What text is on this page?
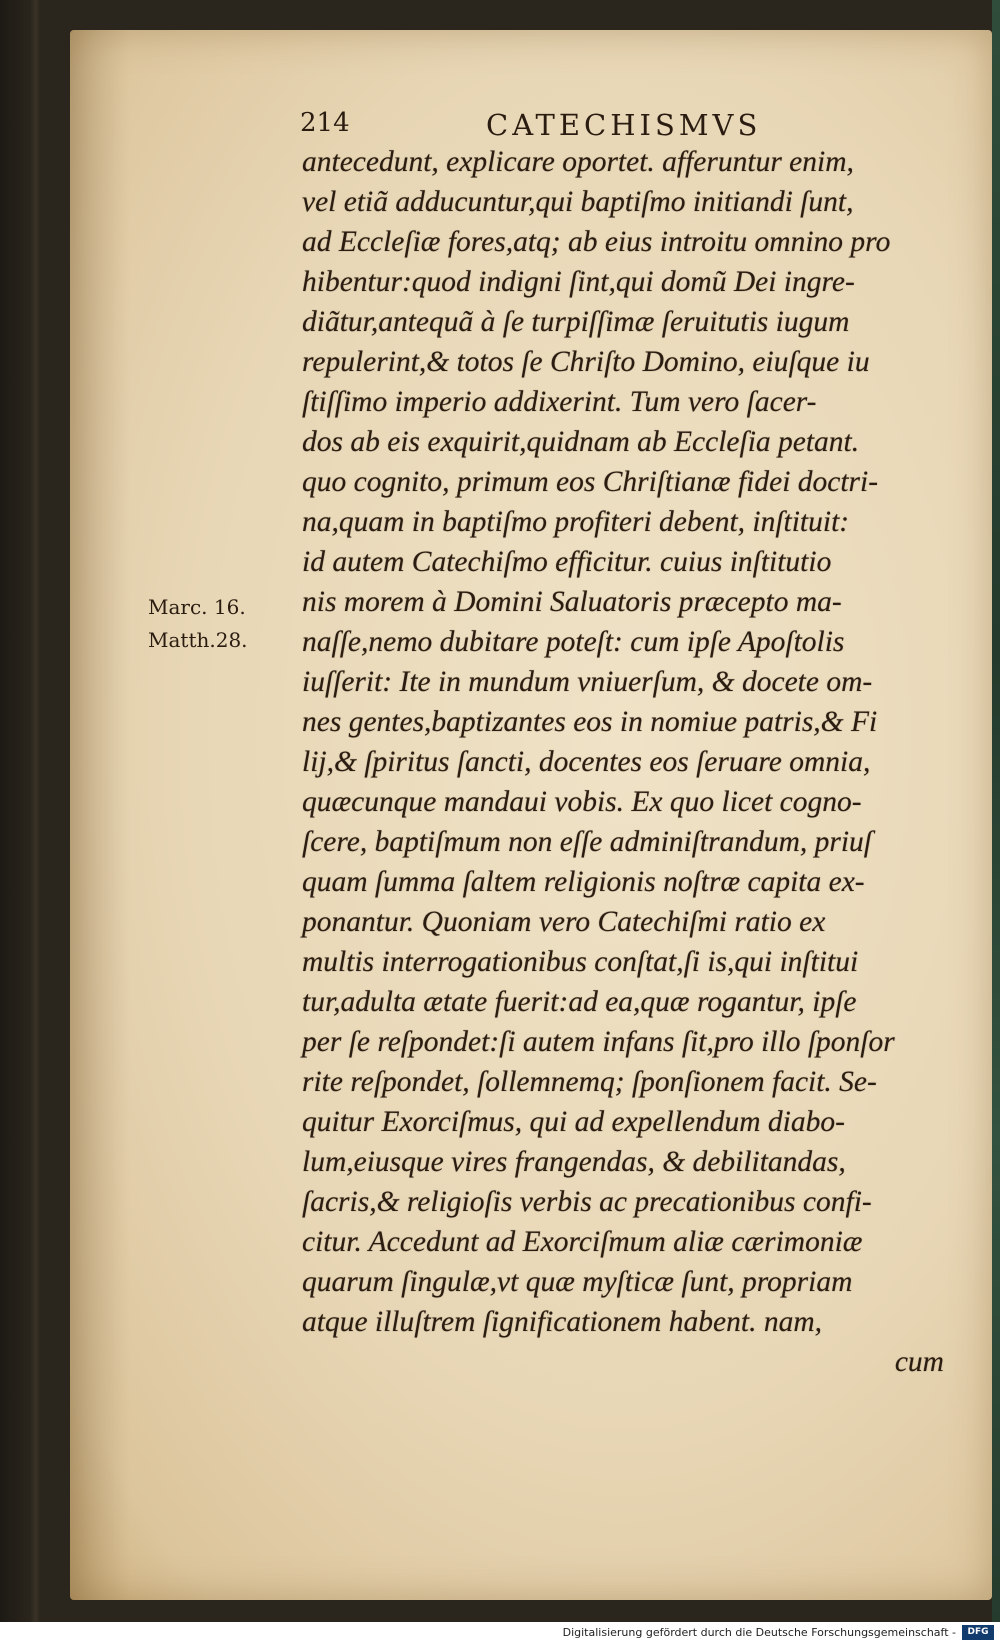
214	CATECHISMVS
Marc. 16.
Matth.28.
antecedunt, explicare oportet. afferuntur enim,
vel etiã adducuntur,qui baptiſmo initiandi ſunt,
ad Eccleſiæ fores,atq; ab eius introitu omnino pro
hibentur:quod indigni ſint,qui domũ Dei ingre-
diãtur,antequã à ſe turpiſſimæ ſeruitutis iugum
repulerint,& totos ſe Chriſto Domino, eiuſque iu
ſtiſſimo imperio addixerint. Tum vero ſacer-
dos ab eis exquirit,quidnam ab Eccleſia petant.
quo cognito, primum eos Chriſtianæ fidei doctri-
na,quam in baptiſmo profiteri debent, inſtituit:
id autem Catechiſmo efficitur. cuius inſtitutio
nis morem à Domini Saluatoris præcepto ma-
naſſe,nemo dubitare poteſt: cum ipſe Apoſtolis
iuſſerit: Ite in mundum vniuerſum, & docete om-
nes gentes,baptizantes eos in nomiue patris,& Fi
lij,& ſpiritus ſancti, docentes eos ſeruare omnia,
quæcunque mandaui vobis. Ex quo licet cogno-
ſcere, baptiſmum non eſſe adminiſtrandum, priuſ
quam ſumma ſaltem religionis noſtræ capita ex-
ponantur. Quoniam vero Catechiſmi ratio ex
multis interrogationibus conſtat,ſi is,qui inſtitui
tur,adulta ætate fuerit:ad ea,quæ rogantur, ipſe
per ſe reſpondet:ſi autem infans ſit,pro illo ſponſor
rite reſpondet, ſollemnemq; ſponſionem facit. Se-
quitur Exorciſmus, qui ad expellendum diabo-
lum,eiusque vires frangendas, & debilitandas,
ſacris,& religioſis verbis ac precationibus confi-
citur. Accedunt ad Exorciſmum aliæ cærimoniæ
quarum ſingulæ,vt quæ myſticæ ſunt, propriam
atque illuſtrem ſignificationem habent. nam,
cum
Digitalisierung gefördert durch die Deutsche Forschungsgemeinschaft -	DFG
